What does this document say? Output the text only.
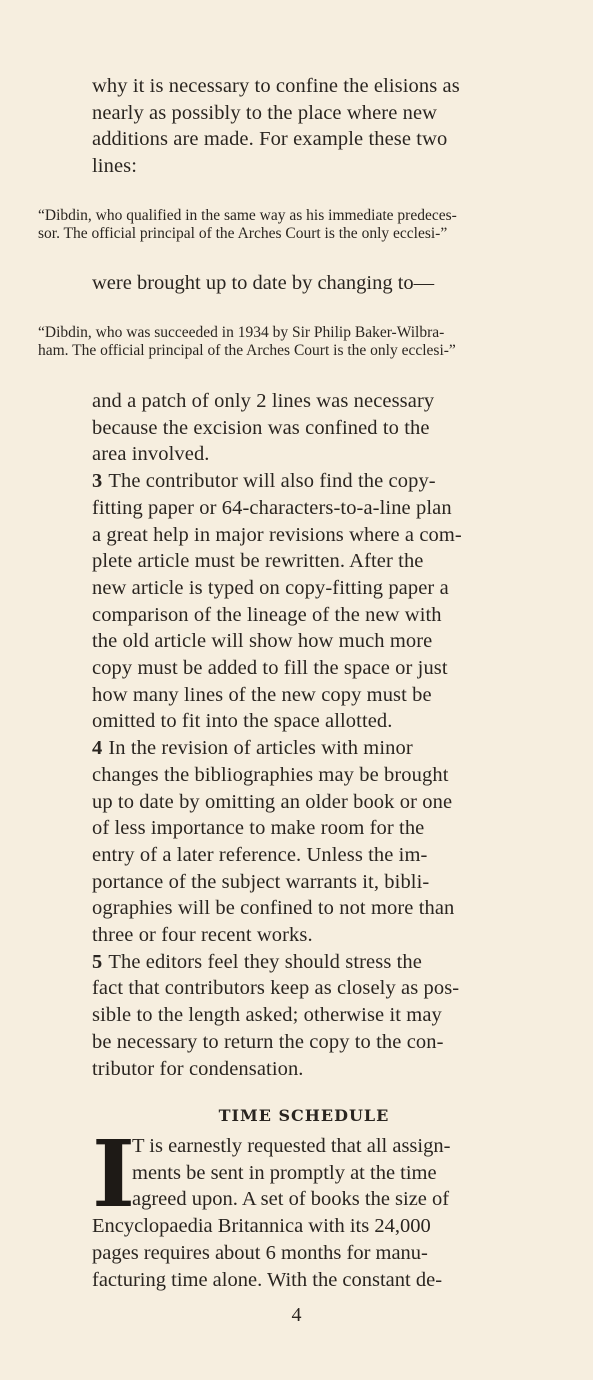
why it is necessary to confine the elisions as

nearly as possibly to the place where new

additions are made. For example these two

lines:

“Dibdin, who qualified in the same way as his immediate predeces-
sor. The official principal of the Arches Court is the only ecclesi-”
were brought up to date by changing to—
“Dibdin, who was succeeded in 1934 by Sir Philip Baker-Wilbra-
ham. The official principal of the Arches Court is the only ecclesi-”

and a patch of only 2 lines was necessary

because the excision was confined to the

area involved.

3 The contributor will also find the copy-

fitting paper or 64-characters-to-a-line plan

a great help in major revisions where a com-

plete article must be rewritten. After the

new article is typed on copy-fitting paper a

comparison of the lineage of the new with

the old article will show how much more

copy must be added to fill the space or just

how many lines of the new copy must be

omitted to fit into the space allotted.

4 In the revision of articles with minor

changes the bibliographies may be brought

up to date by omitting an older book or one

of less importance to make room for the

entry of a later reference. Unless the im-

portance of the subject warrants it, bibli-

ographies will be confined to not more than

three or four recent works.

5 The editors feel they should stress the

fact that contributors keep as closely as pos-

sible to the length asked; otherwise it may

be necessary to return the copy to the con-

tributor for condensation.

TIME SCHEDULE
I
T is earnestly requested that all assign-
ments be sent in promptly at the time
agreed upon. A set of books the size of
Encyclopaedia Britannica with its 24,000
pages requires about 6 months for manu-
facturing time alone. With the constant de-
4
